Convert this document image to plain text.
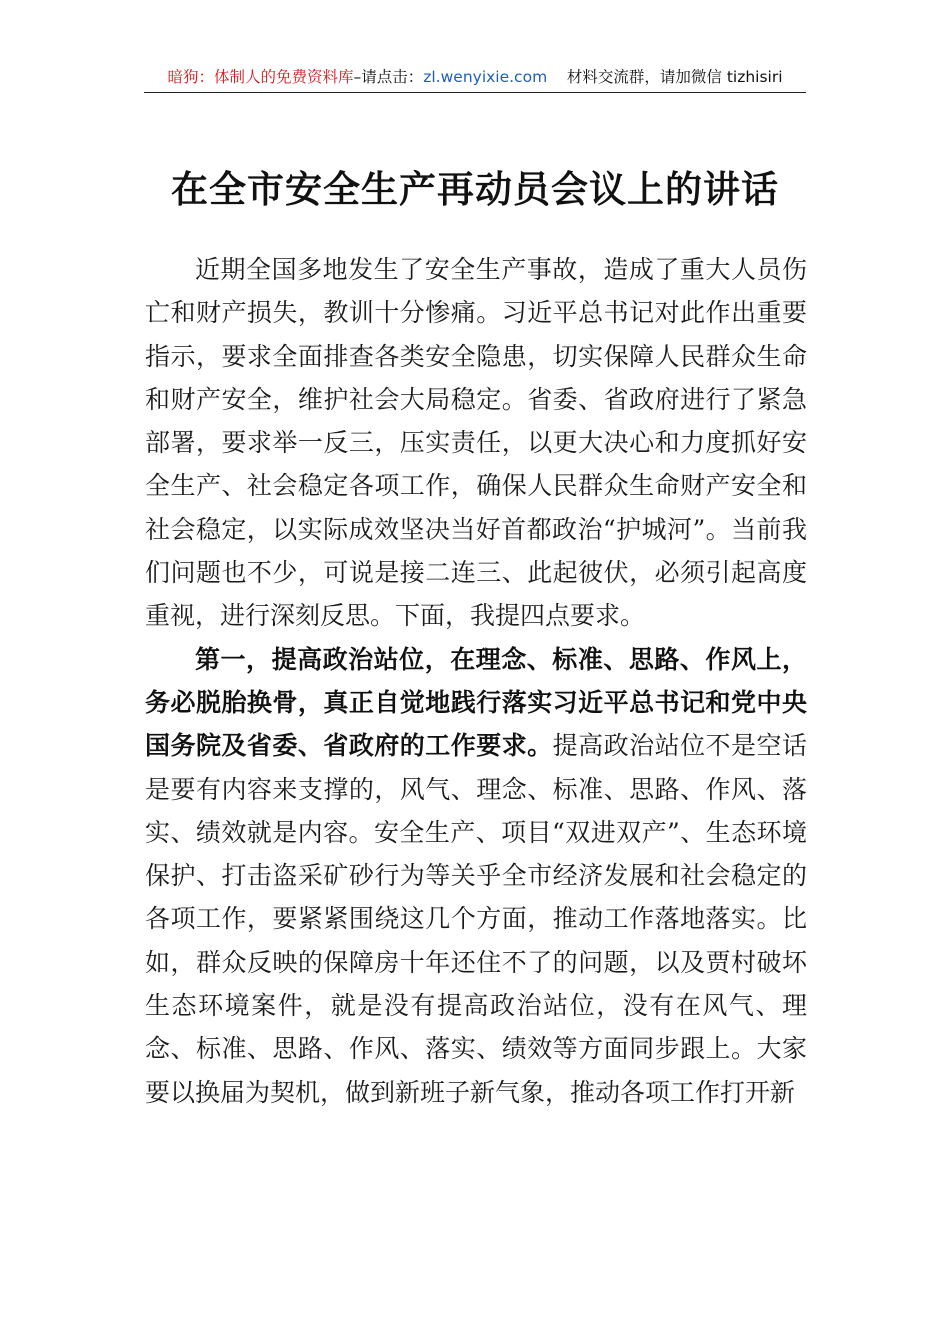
暗狗：体制人的免费资料库–请点击：zl.wenyixie.com 材料交流群，请加微信 tizhisiri
在全市安全生产再动员会议上的讲话

近期全国多地发生了安全生产事故，造成了重大人员伤亡和财产损失，教训十分惨痛。习近平总书记对此作出重要指示，要求全面排查各类安全隐患，切实保障人民群众生命和财产安全，维护社会大局稳定。省委、省政府进行了紧急部署，要求举一反三，压实责任，以更大决心和力度抓好安全生产、社会稳定各项工作，确保人民群众生命财产安全和社会稳定，以实际成效坚决当好首都政治“护城河”。当前我们问题也不少，可说是接二连三、此起彼伏，必须引起高度重视，进行深刻反思。下面，我提四点要求。

第一，提高政治站位，在理念、标准、思路、作风上，务必脱胎换骨，真正自觉地践行落实习近平总书记和党中央国务院及省委、省政府的工作要求。提高政治站位不是空话是要有内容来支撑的，风气、理念、标准、思路、作风、落实、绩效就是内容。安全生产、项目“双进双产”、生态环境保护、打击盗采矿砂行为等关乎全市经济发展和社会稳定的各项工作，要紧紧围绕这几个方面，推动工作落地落实。比如，群众反映的保障房十年还住不了的问题，以及贾村破坏生态环境案件，就是没有提高政治站位，没有在风气、理念、标准、思路、作风、落实、绩效等方面同步跟上。大家要以换届为契机，做到新班子新气象，推动各项工作打开新
